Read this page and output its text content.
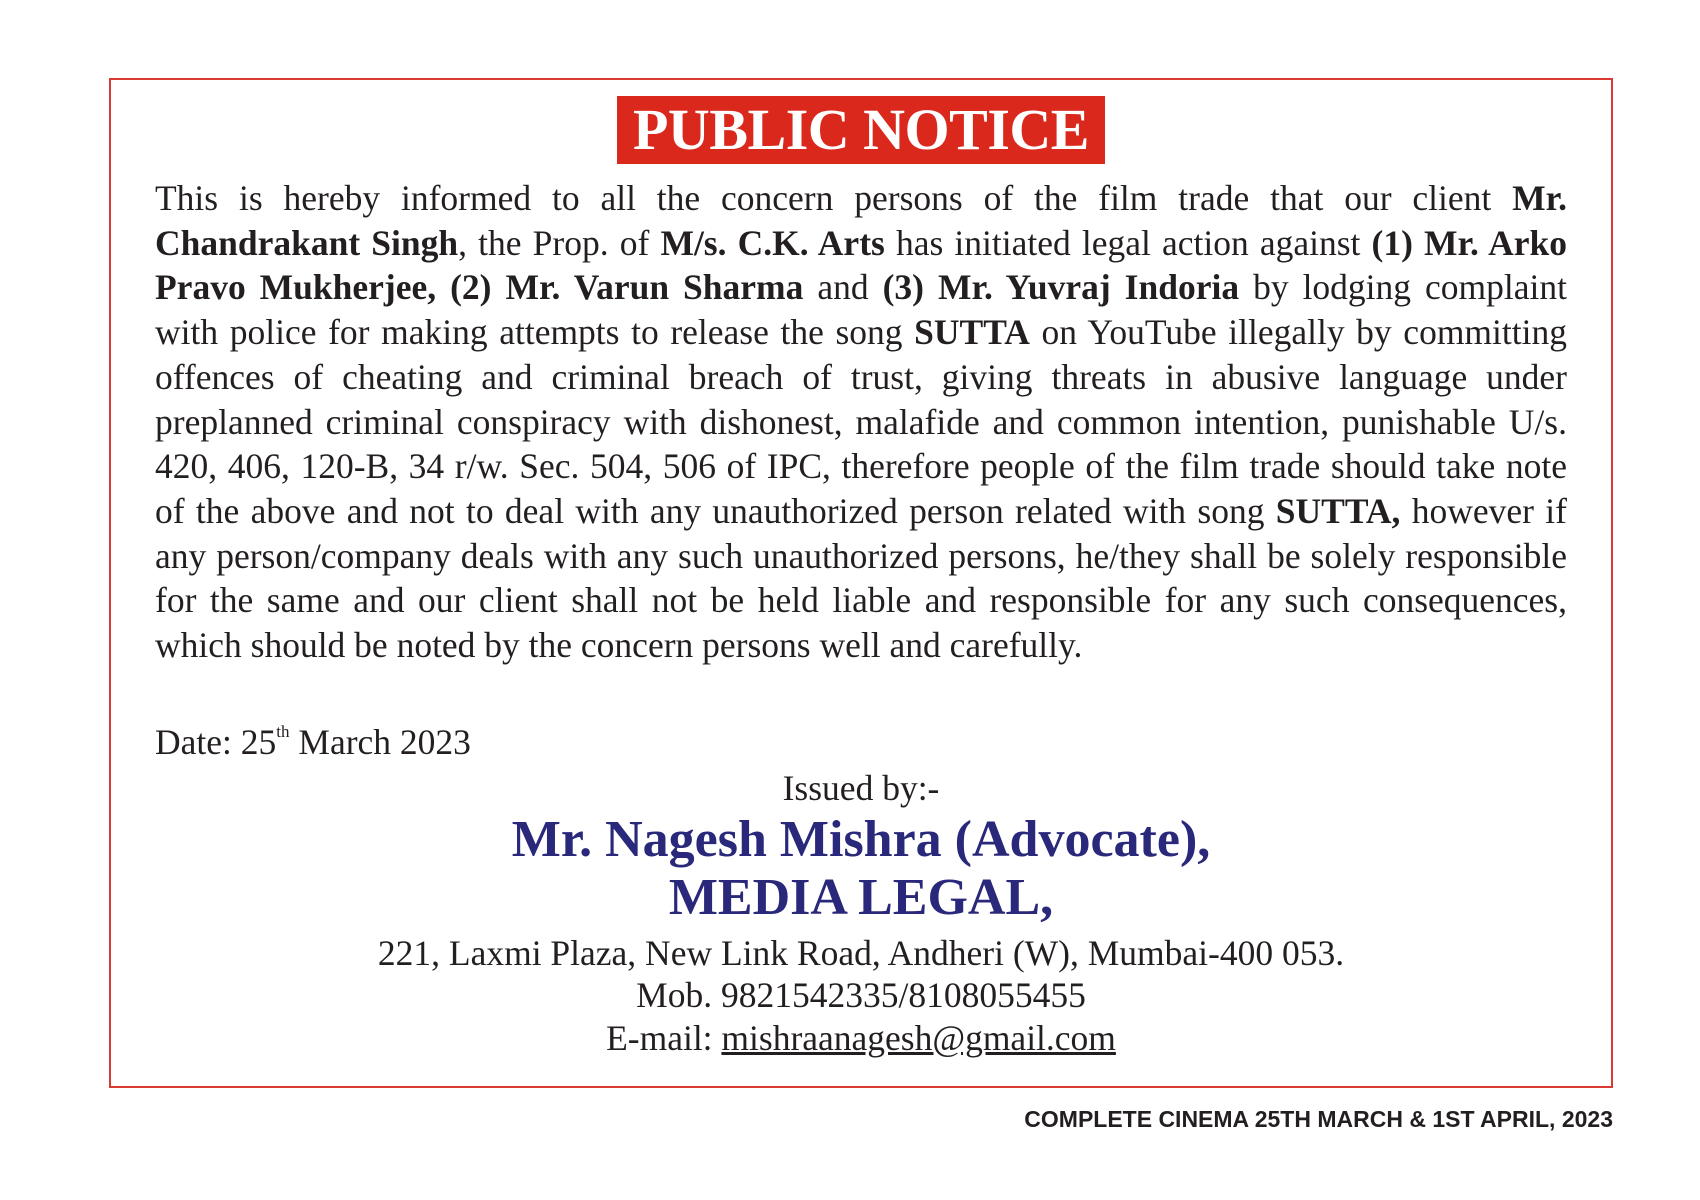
PUBLIC NOTICE

This is hereby informed to all the concern persons of the film trade that our client Mr. Chandrakant Singh, the Prop. of M/s. C.K. Arts has initiated legal action against (1) Mr. Arko Pravo Mukherjee, (2) Mr. Varun Sharma and (3) Mr. Yuvraj Indoria by lodging complaint with police for making attempts to release the song SUTTA on YouTube illegally by committing offences of cheating and criminal breach of trust, giving threats in abusive language under preplanned criminal conspiracy with dishonest, malafide and common intention, punishable U/s. 420, 406, 120-B, 34 r/w. Sec. 504, 506 of IPC, therefore people of the film trade should take note of the above and not to deal with any unauthorized person related with song SUTTA, however if any person/company deals with any such unauthorized persons, he/they shall be solely responsible for the same and our client shall not be held liable and responsible for any such consequences, which should be noted by the concern persons well and carefully.

Date: 25th March 2023
Issued by:-
Mr. Nagesh Mishra (Advocate),
MEDIA LEGAL,
221, Laxmi Plaza, New Link Road, Andheri (W), Mumbai-400 053.
Mob. 9821542335/8108055455
E-mail: mishraanagesh@gmail.com
COMPLETE CINEMA 25TH MARCH & 1ST APRIL, 2023
